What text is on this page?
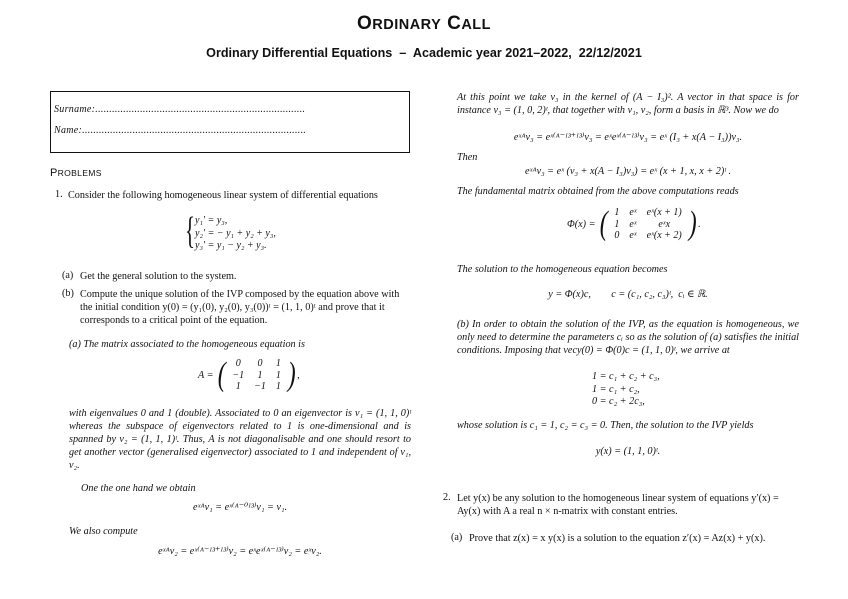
ORDINARY CALL
Ordinary Differential Equations  –  Academic year 2021–2022,  22/12/2021
Surname:...........................................................................
Name:................................................................................
PROBLEMS
1. Consider the following homogeneous linear system of differential equations

{ y₁′ = y₃,
y₂′ = − y₁ + y₂ + y₃,
y₃′ = y₁ − y₂ + y₃.
(a) Get the general solution to the system.

(b) Compute the unique solution of the IVP composed by the equation above with the initial condition y(0) = (y₁(0), y₂(0), y₃(0))ᵗ = (1, 1, 0)ᵗ and prove that it corresponds to a critical point of the equation.

(a) The matrix associated to the homogeneous equation is
A = ( 0	0	1
−1	1	1
1	−1	1 ) ,

with eigenvalues 0 and 1 (double). Associated to 0 an eigenvector is v₁ = (1, 1, 0)ᵗ whereas the subspace of eigenvectors related to 1 is one-dimensional and is spanned by v₂ = (1, 1, 1)ᵗ. Thus, A is not diagonalisable and one should resort to get another vector (generalised eigenvector) associated to 1 and independent of v₁, v₂.

One the one hand we obtain
eˣᴬv₁ = eˣ⁽ᴬ⁻⁰ᴵ³⁾v₁ = v₁.
We also compute
eˣᴬv₂ = eˣ⁽ᴬ⁻ᴵ³⁺ᴵ³⁾v₂ = eˣeˣ⁽ᴬ⁻ᴵ³⁾v₂ = eˣv₂.

At this point we take v₃ in the kernel of (A − I₃)². A vector in that space is for instance v₃ = (1, 0, 2)ᵗ, that together with v₁, v₂, form a basis in ℝ³. Now we do

eˣᴬv₃ = eˣ⁽ᴬ⁻ᴵ³⁺ᴵ³⁾v₃ = eˣeˣ⁽ᴬ⁻ᴵ³⁾v₃ = eˣ (I₃ + x(A − I₃))v₃.
Then
eˣᴬv₃ = eˣ (v₃ + x(A − I₃)v₃) = eˣ (x + 1, x, x + 2)ᵗ .
The fundamental matrix obtained from the above computations reads
Φ(x) = ( 1	eˣ	eˣ(x + 1)
1	eˣ	eˣx
0	eˣ	eˣ(x + 2) ) .
The solution to the homogeneous equation becomes
y = Φ(x)c,        c = (c₁, c₂, c₃)ᵗ,  cᵢ ∈ ℝ.

(b) In order to obtain the solution of the IVP, as the equation is homogeneous, we only need to determine the parameters cᵢ so as the solution of (a) satisfies the initial conditions. Imposing that vecy(0) = Φ(0)c = (1, 1, 0)ᵗ, we arrive at

1 = c₁ + c₂ + c₃,
1 = c₁ + c₂,
0 = c₂ + 2c₃,
whose solution is c₁ = 1, c₂ = c₃ = 0. Then, the solution to the IVP yields
y(x) = (1, 1, 0)ᵗ.
2. Let y(x) be any solution to the homogeneous linear system of equations y′(x) = Ay(x) with A a real n × n-matrix with constant entries.

(a) Prove that z(x) = x y(x) is a solution to the equation z′(x) = Az(x) + y(x).
